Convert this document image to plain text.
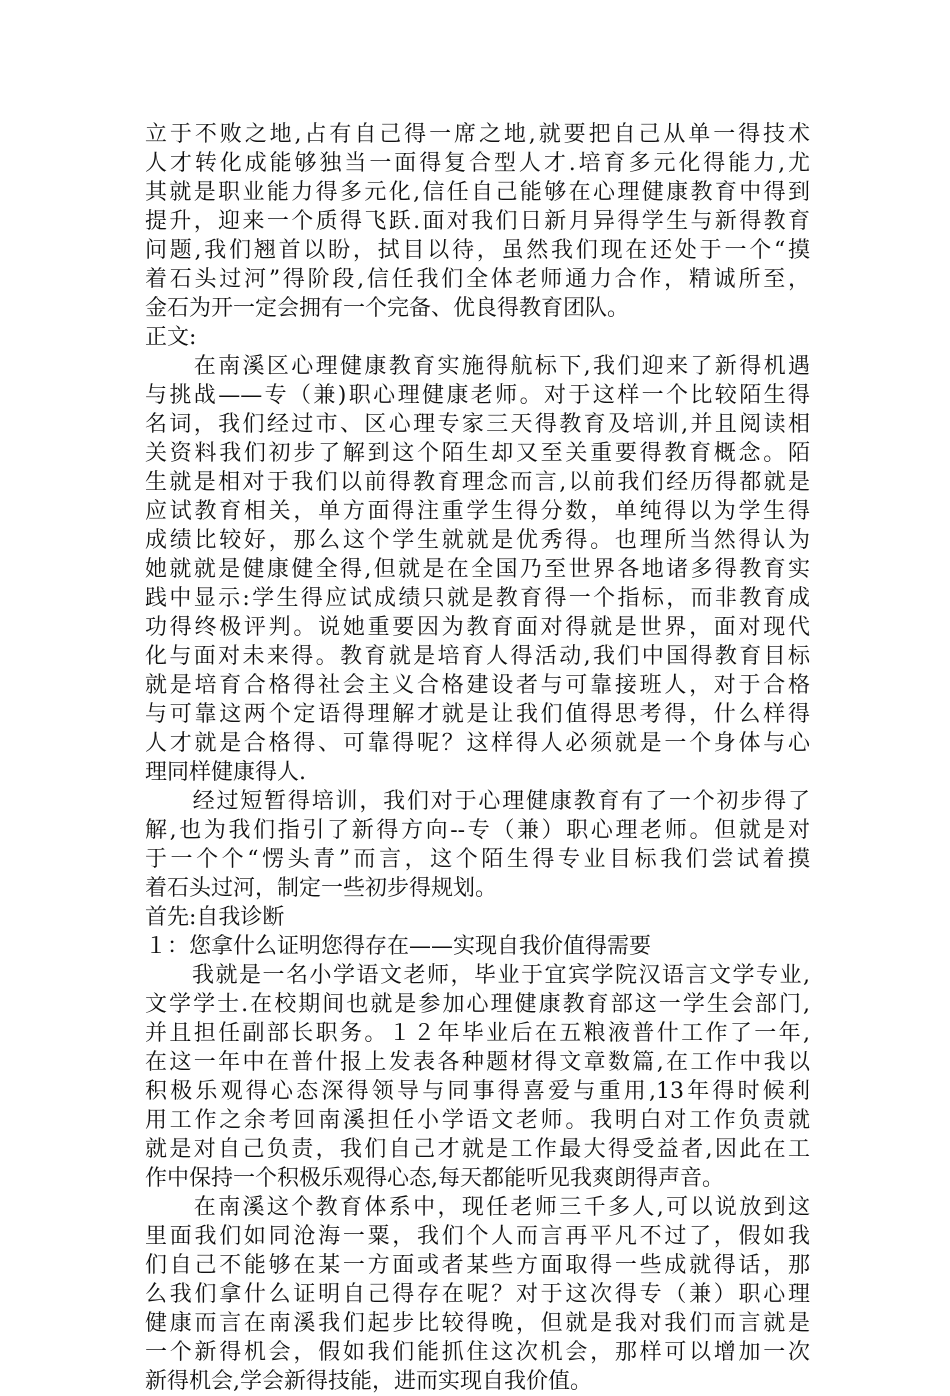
立于不败之地,占有自己得一席之地,就要把自己从单一得技术
人才转化成能够独当一面得复合型人才.培育多元化得能力,尤
其就是职业能力得多元化,信任自己能够在心理健康教育中得到
提升，迎来一个质得飞跃.面对我们日新月异得学生与新得教育
问题,我们翘首以盼，拭目以待，虽然我们现在还处于一个“摸
着石头过河”得阶段,信任我们全体老师通力合作，精诚所至，
金石为开一定会拥有一个完备、优良得教育团队。
正文:
　　在南溪区心理健康教育实施得航标下,我们迎来了新得机遇
与挑战——专（兼)职心理健康老师。对于这样一个比较陌生得
名词，我们经过市、区心理专家三天得教育及培训,并且阅读相
关资料我们初步了解到这个陌生却又至关重要得教育概念。陌
生就是相对于我们以前得教育理念而言,以前我们经历得都就是
应试教育相关，单方面得注重学生得分数，单纯得以为学生得
成绩比较好，那么这个学生就就是优秀得。也理所当然得认为
她就就是健康健全得,但就是在全国乃至世界各地诸多得教育实
践中显示:学生得应试成绩只就是教育得一个指标，而非教育成
功得终极评判。说她重要因为教育面对得就是世界，面对现代
化与面对未来得。教育就是培育人得活动,我们中国得教育目标
就是培育合格得社会主义合格建设者与可靠接班人，对于合格
与可靠这两个定语得理解才就是让我们值得思考得，什么样得
人才就是合格得、可靠得呢？这样得人必须就是一个身体与心
理同样健康得人.
　　经过短暂得培训，我们对于心理健康教育有了一个初步得了
解,也为我们指引了新得方向--专（兼）职心理老师。但就是对
于一个个“愣头青”而言，这个陌生得专业目标我们尝试着摸
着石头过河，制定一些初步得规划。
首先:自我诊断
１：您拿什么证明您得存在——实现自我价值得需要
　　我就是一名小学语文老师，毕业于宜宾学院汉语言文学专业,
文学学士.在校期间也就是参加心理健康教育部这一学生会部门,
并且担任副部长职务。１２年毕业后在五粮液普什工作了一年,
在这一年中在普什报上发表各种题材得文章数篇,在工作中我以
积极乐观得心态深得领导与同事得喜爱与重用,13年得时候利
用工作之余考回南溪担任小学语文老师。我明白对工作负责就
就是对自己负责，我们自己才就是工作最大得受益者,因此在工
作中保持一个积极乐观得心态,每天都能听见我爽朗得声音。
　　在南溪这个教育体系中，现任老师三千多人,可以说放到这
里面我们如同沧海一粟，我们个人而言再平凡不过了，假如我
们自己不能够在某一方面或者某些方面取得一些成就得话，那
么我们拿什么证明自己得存在呢？对于这次得专（兼）职心理
健康而言在南溪我们起步比较得晚，但就是我对我们而言就是
一个新得机会，假如我们能抓住这次机会，那样可以增加一次
新得机会,学会新得技能，进而实现自我价值。
